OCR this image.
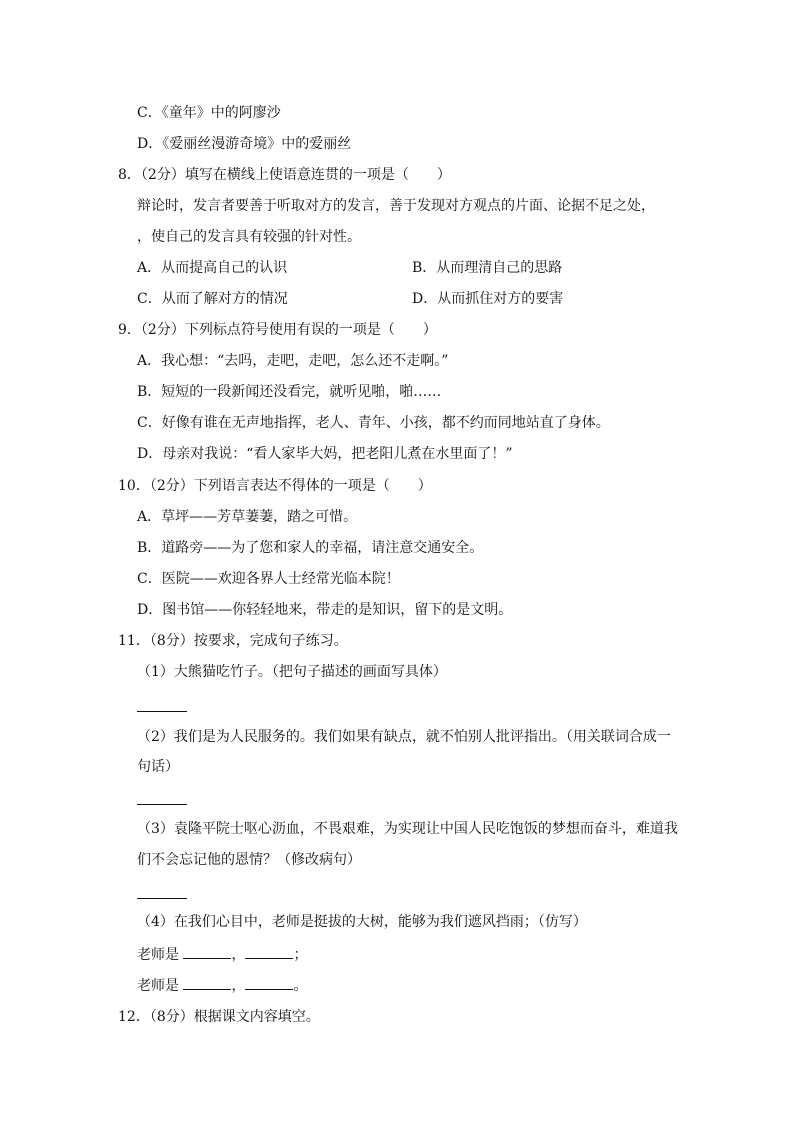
C．《童年》中的阿廖沙
D．《爱丽丝漫游奇境》中的爱丽丝
8．（2分）填写在横线上使语意连贯的一项是（　　）
辩论时，发言者要善于听取对方的发言，善于发现对方观点的片面、论据不足之处，
，使自己的发言具有较强的针对性。
A．从而提高自己的认识	B．从而理清自己的思路
C．从而了解对方的情况	D．从而抓住对方的要害
9．（2分）下列标点符号使用有误的一项是（　　）
A．我心想：“去吗，走吧，走吧，怎么还不走啊。”
B．短短的一段新闻还没看完，就听见啪，啪……
C．好像有谁在无声地指挥，老人、青年、小孩，都不约而同地站直了身体。
D．母亲对我说：“看人家毕大妈，把老阳儿煮在水里面了！”
10．（2分）下列语言表达不得体的一项是（　　）
A．草坪——芳草萋萋，踏之可惜。
B．道路旁——为了您和家人的幸福，请注意交通安全。
C．医院——欢迎各界人士经常光临本院！
D．图书馆——你轻轻地来，带走的是知识，留下的是文明。
11．（8分）按要求，完成句子练习。
（1）大熊猫吃竹子。（把句子描述的画面写具体）
（2）我们是为人民服务的。我们如果有缺点，就不怕别人批评指出。（用关联词合成一
句话）
（3）袁隆平院士呕心沥血，不畏艰难，为实现让中国人民吃饱饭的梦想而奋斗，难道我
们不会忘记他的恩情？（修改病句）
（4）在我们心目中，老师是挺拔的大树，能够为我们遮风挡雨；（仿写）
老师是	，	；
老师是	，	。
12．（8分）根据课文内容填空。
